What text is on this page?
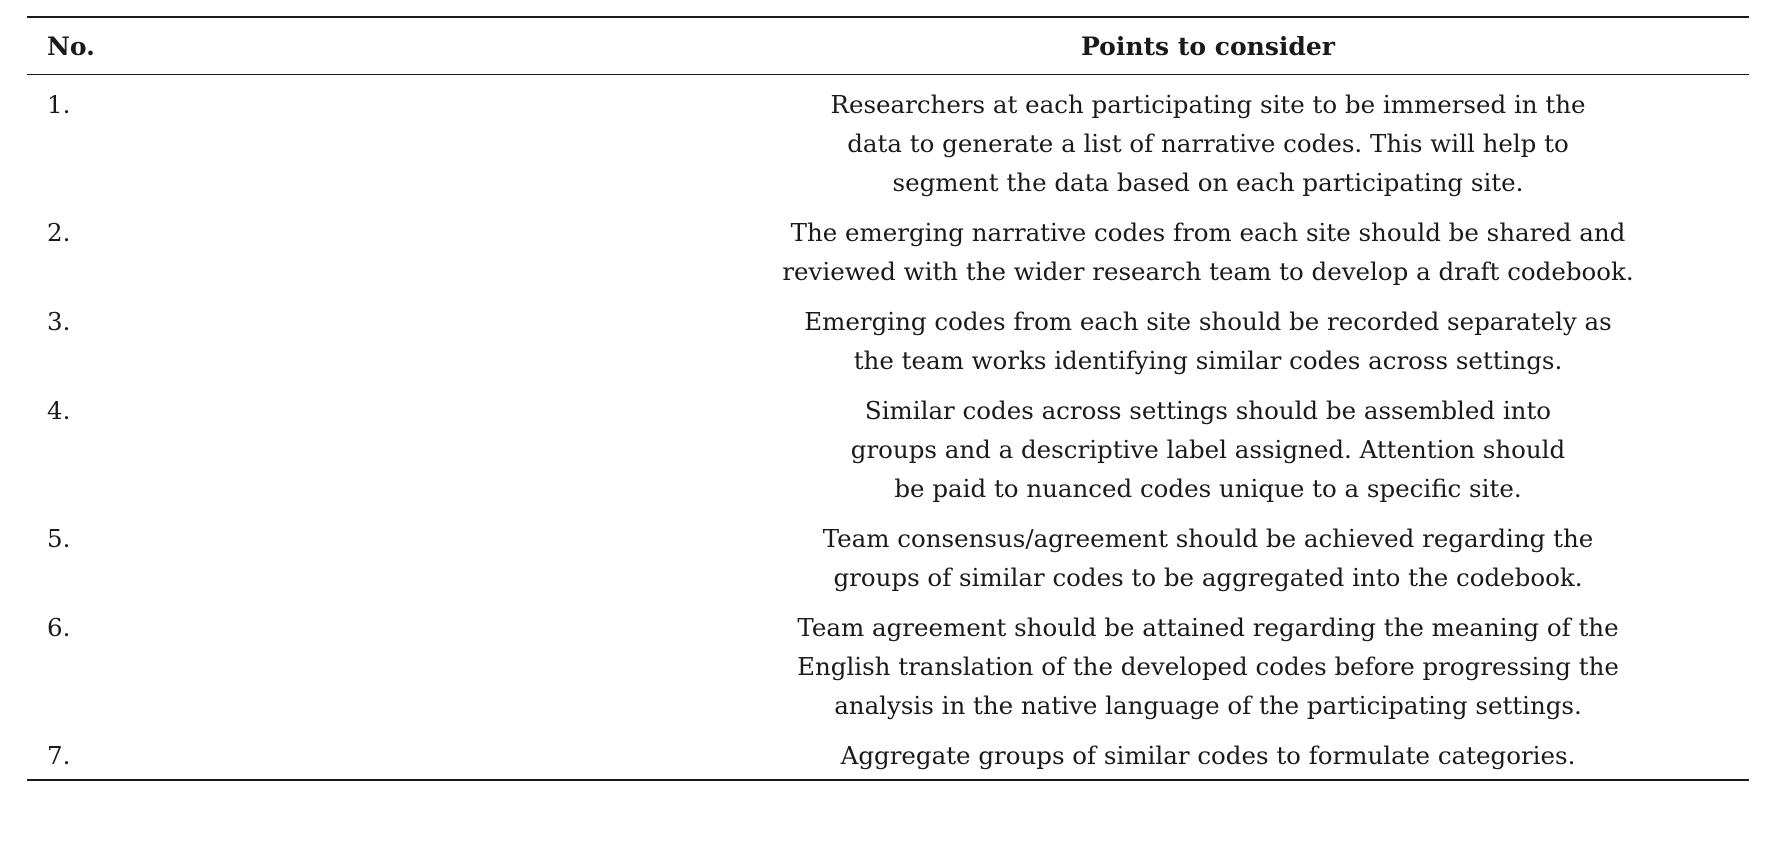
No.	Points to consider
1.	Researchers at each participating site to be immersed in the
data to generate a list of narrative codes. This will help to
segment the data based on each participating site.

2.	The emerging narrative codes from each site should be shared and
reviewed with the wider research team to develop a draft codebook.

3.	Emerging codes from each site should be recorded separately as
the team works identifying similar codes across settings.

4.	Similar codes across settings should be assembled into
groups and a descriptive label assigned. Attention should
be paid to nuanced codes unique to a specific site.

5.	Team consensus/agreement should be achieved regarding the
groups of similar codes to be aggregated into the codebook.

6.	Team agreement should be attained regarding the meaning of the
English translation of the developed codes before progressing the
analysis in the native language of the participating settings.

7.	Aggregate groups of similar codes to formulate categories.
